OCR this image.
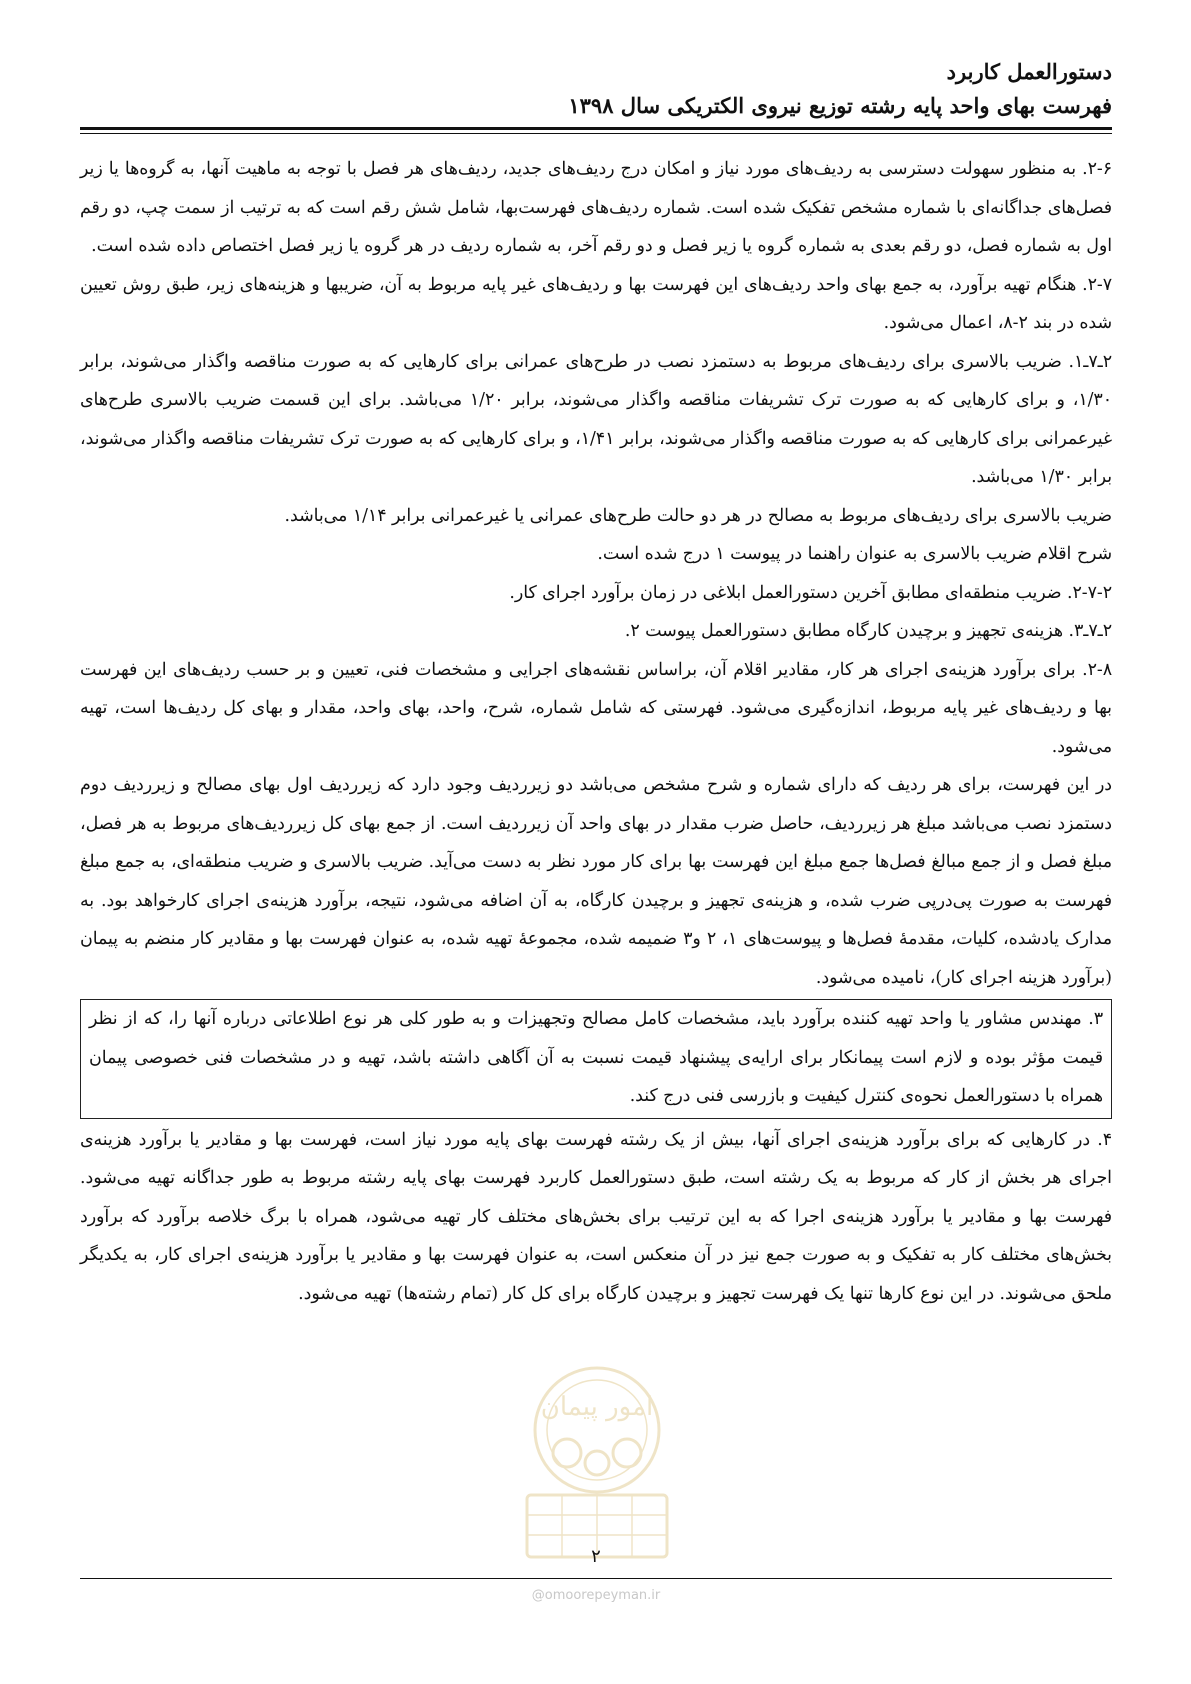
دستورالعمل کاربرد
فهرست بهای واحد پایه رشته توزیع نیروی الکتریکی سال ۱۳۹۸

۲-۶. به منظور سهولت دسترسی به ردیف‌های مورد نیاز و امکان درج ردیف‌های جدید، ردیف‌های هر فصل با توجه به ماهیت آنها، به گروه‌ها یا زیر فصل‌های جداگانه‌ای با شماره مشخص تفکیک شده است. شماره ردیف‌های فهرست‌بها، شامل شش رقم است که به ترتیب از سمت چپ، دو رقم اول به شماره فصل، دو رقم بعدی به شماره گروه یا زیر فصل و دو رقم آخر، به شماره ردیف در هر گروه یا زیر فصل اختصاص داده شده است.

۲-۷. هنگام تهیه برآورد، به جمع بهای واحد ردیف‌های این فهرست بها و ردیف‌های غیر پایه مربوط به آن، ضریبها و هزینه‌های زیر، طبق روش تعیین شده در بند ۲-۸، اعمال می‌شود.

۲ـ۷ـ۱. ضریب بالاسری برای ردیف‌های مربوط به دستمزد نصب در طرح‌های عمرانی برای کارهایی که به صورت مناقصه واگذار می‌شوند، برابر ۱/۳۰، و برای کارهایی که به صورت ترک تشریفات مناقصه واگذار می‌شوند، برابر ۱/۲۰ می‌باشد. برای این قسمت ضریب بالاسری طرح‌های غیرعمرانی برای کارهایی که به صورت مناقصه واگذار می‌شوند، برابر ۱/۴۱، و برای کارهایی که به صورت ترک تشریفات مناقصه واگذار می‌شوند، برابر ۱/۳۰ می‌باشد.

ضریب بالاسری برای ردیف‌های مربوط به مصالح در هر دو حالت طرح‌های عمرانی یا غیرعمرانی برابر ۱/۱۴ می‌باشد.

شرح اقلام ضریب بالاسری به عنوان راهنما در پیوست ۱ درج شده است.

۲-۷-۲. ضریب منطقه‌ای مطابق آخرین دستورالعمل ابلاغی در زمان برآورد اجرای کار.

۲ـ۷ـ۳. هزینه‌ی تجهیز و برچیدن کارگاه مطابق دستورالعمل پیوست ۲.

۲-۸. برای برآورد هزینه‌ی اجرای هر کار، مقادیر اقلام آن، براساس نقشه‌های اجرایی و مشخصات فنی، تعیین و بر حسب ردیف‌های این فهرست بها و ردیف‌های غیر پایه مربوط، اندازه‌گیری می‌شود. فهرستی که شامل شماره، شرح، واحد، بهای واحد، مقدار و بهای کل ردیف‌ها است، تهیه می‌شود.

در این فهرست، برای هر ردیف که دارای شماره و شرح مشخص می‌باشد دو زیرردیف وجود دارد که زیرردیف اول بهای مصالح و زیرردیف دوم دستمزد نصب می‌باشد مبلغ هر زیرردیف، حاصل ضرب مقدار در بهای واحد آن زیرردیف است. از جمع بهای کل زیرردیف‌های مربوط به هر فصل، مبلغ فصل و از جمع مبالغ فصل‌ها جمع مبلغ این فهرست بها برای کار مورد نظر به دست می‌آید. ضریب بالاسری و ضریب منطقه‌ای، به جمع مبلغ فهرست به صورت پی‌درپی ضرب شده، و هزینه‌ی تجهیز و برچیدن کارگاه، به آن اضافه می‌شود، نتیجه، برآورد هزینه‌ی اجرای کارخواهد بود. به مدارک یادشده، کلیات، مقدمهٔ فصل‌ها و پیوست‌های ۱، ۲ و۳ ضمیمه شده، مجموعهٔ تهیه شده، به عنوان فهرست بها و مقادیر کار منضم به پیمان (برآورد هزینه اجرای کار)، نامیده می‌شود.

۳. مهندس مشاور یا واحد تهیه کننده برآورد باید، مشخصات کامل مصالح وتجهیزات و به طور کلی هر نوع اطلاعاتی درباره آنها را، که از نظر قیمت مؤثر بوده و لازم است پیمانکار برای ارایه‌ی پیشنهاد قیمت نسبت به آن آگاهی داشته باشد، تهیه و در مشخصات فنی خصوصی پیمان همراه با دستورالعمل نحوه‌ی کنترل کیفیت و بازرسی فنی درج کند.

۴. در کارهایی که برای برآورد هزینه‌ی اجرای آنها، بیش از یک رشته فهرست بهای پایه مورد نیاز است، فهرست بها و مقادیر یا برآورد هزینه‌ی اجرای هر بخش از کار که مربوط به یک رشته است، طبق دستورالعمل کاربرد فهرست بهای پایه رشته مربوط به طور جداگانه تهیه می‌شود. فهرست بها و مقادیر یا برآورد هزینه‌ی اجرا که به این ترتیب برای بخش‌های مختلف کار تهیه می‌شود، همراه با برگ خلاصه برآورد که برآورد بخش‌های مختلف کار به تفکیک و به صورت جمع نیز در آن منعکس است، به عنوان فهرست بها و مقادیر یا برآورد هزینه‌ی اجرای کار، به یکدیگر ملحق می‌شوند. در این نوع کارها تنها یک فهرست تجهیز و برچیدن کارگاه برای کل کار (تمام رشته‌ها) تهیه می‌شود.

امور پیمان
۲
@omoorepeyman.ir
